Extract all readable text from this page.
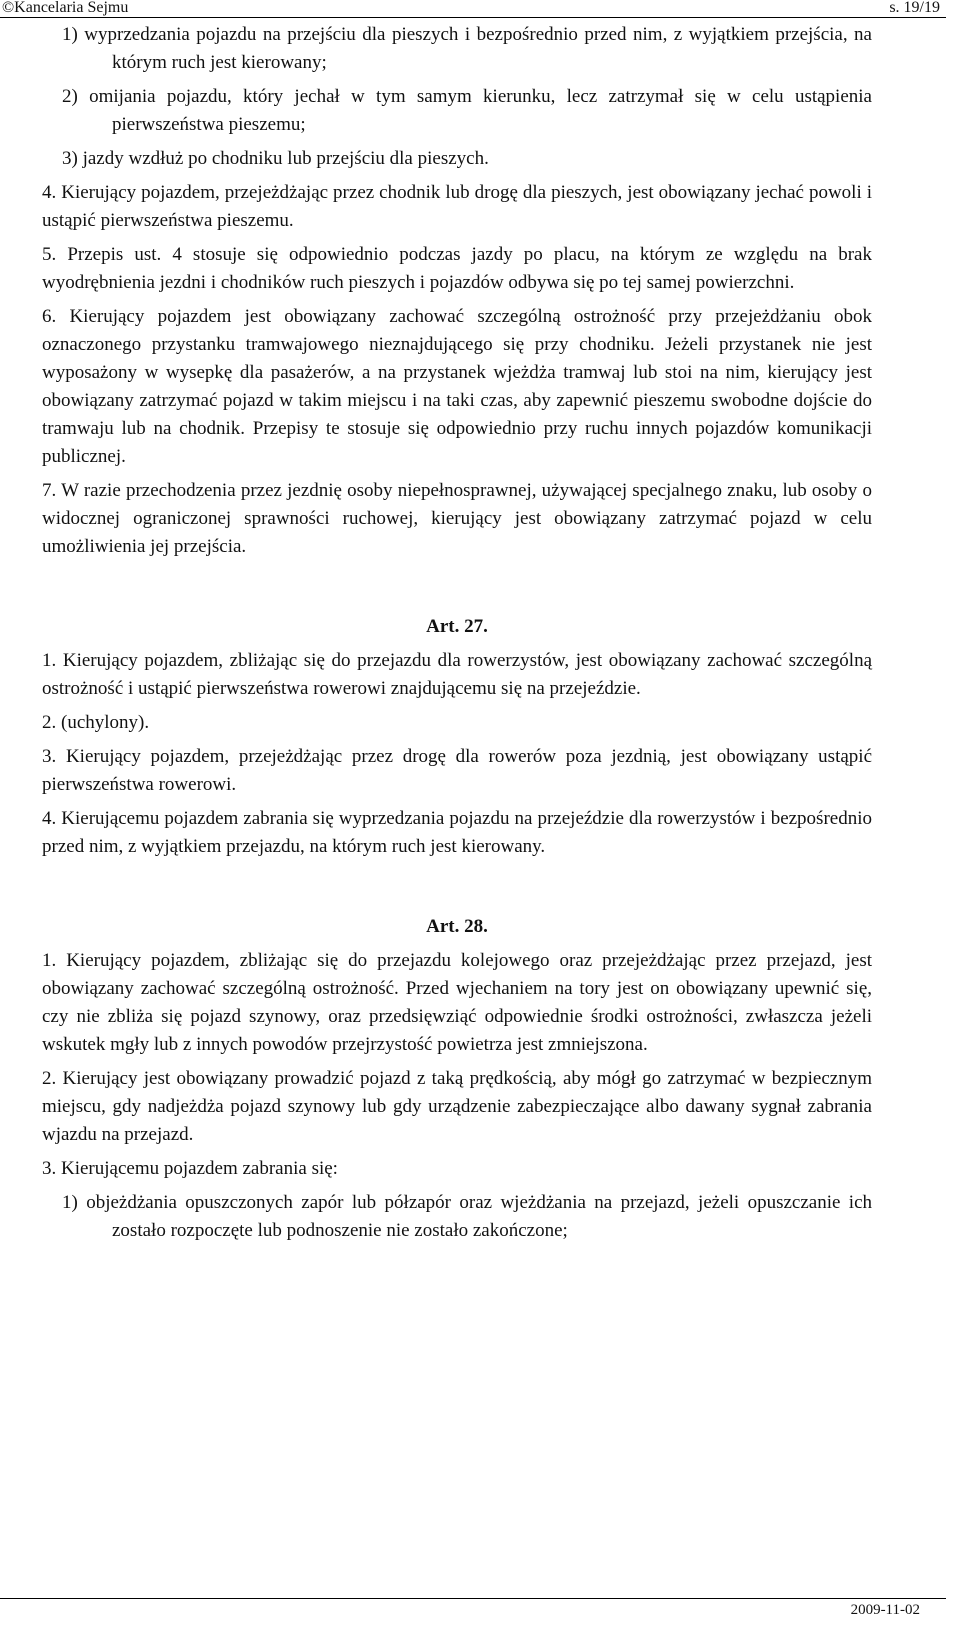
©Kancelaria Sejmu	s. 19/19

1) wyprzedzania pojazdu na przejściu dla pieszych i bezpośrednio przed nim, z wyjątkiem przejścia, na którym ruch jest kierowany;

2) omijania pojazdu, który jechał w tym samym kierunku, lecz zatrzymał się w celu ustąpienia pierwszeństwa pieszemu;

3) jazdy wzdłuż po chodniku lub przejściu dla pieszych.

4. Kierujący pojazdem, przejeżdżając przez chodnik lub drogę dla pieszych, jest obowiązany jechać powoli i ustąpić pierwszeństwa pieszemu.

5. Przepis ust. 4 stosuje się odpowiednio podczas jazdy po placu, na którym ze względu na brak wyodrębnienia jezdni i chodników ruch pieszych i pojazdów odbywa się po tej samej powierzchni.

6. Kierujący pojazdem jest obowiązany zachować szczególną ostrożność przy przejeżdżaniu obok oznaczonego przystanku tramwajowego nieznajdującego się przy chodniku. Jeżeli przystanek nie jest wyposażony w wysepkę dla pasażerów, a na przystanek wjeżdża tramwaj lub stoi na nim, kierujący jest obowiązany zatrzymać pojazd w takim miejscu i na taki czas, aby zapewnić pieszemu swobodne dojście do tramwaju lub na chodnik. Przepisy te stosuje się odpowiednio przy ruchu innych pojazdów komunikacji publicznej.

7. W razie przechodzenia przez jezdnię osoby niepełnosprawnej, używającej specjalnego znaku, lub osoby o widocznej ograniczonej sprawności ruchowej, kierujący jest obowiązany zatrzymać pojazd w celu umożliwienia jej przejścia.

Art. 27.

1. Kierujący pojazdem, zbliżając się do przejazdu dla rowerzystów, jest obowiązany zachować szczególną ostrożność i ustąpić pierwszeństwa rowerowi znajdującemu się na przejeździe.

2. (uchylony).

3. Kierujący pojazdem, przejeżdżając przez drogę dla rowerów poza jezdnią, jest obowiązany ustąpić pierwszeństwa rowerowi.

4. Kierującemu pojazdem zabrania się wyprzedzania pojazdu na przejeździe dla rowerzystów i bezpośrednio przed nim, z wyjątkiem przejazdu, na którym ruch jest kierowany.

Art. 28.

1. Kierujący pojazdem, zbliżając się do przejazdu kolejowego oraz przejeżdżając przez przejazd, jest obowiązany zachować szczególną ostrożność. Przed wjechaniem na tory jest on obowiązany upewnić się, czy nie zbliża się pojazd szynowy, oraz przedsięwziąć odpowiednie środki ostrożności, zwłaszcza jeżeli wskutek mgły lub z innych powodów przejrzystość powietrza jest zmniejszona.

2. Kierujący jest obowiązany prowadzić pojazd z taką prędkością, aby mógł go zatrzymać w bezpiecznym miejscu, gdy nadjeżdża pojazd szynowy lub gdy urządzenie zabezpieczające albo dawany sygnał zabrania wjazdu na przejazd.

3. Kierującemu pojazdem zabrania się:

1) objeżdżania opuszczonych zapór lub półzapór oraz wjeżdżania na przejazd, jeżeli opuszczanie ich zostało rozpoczęte lub podnoszenie nie zostało zakończone;

2009-11-02
